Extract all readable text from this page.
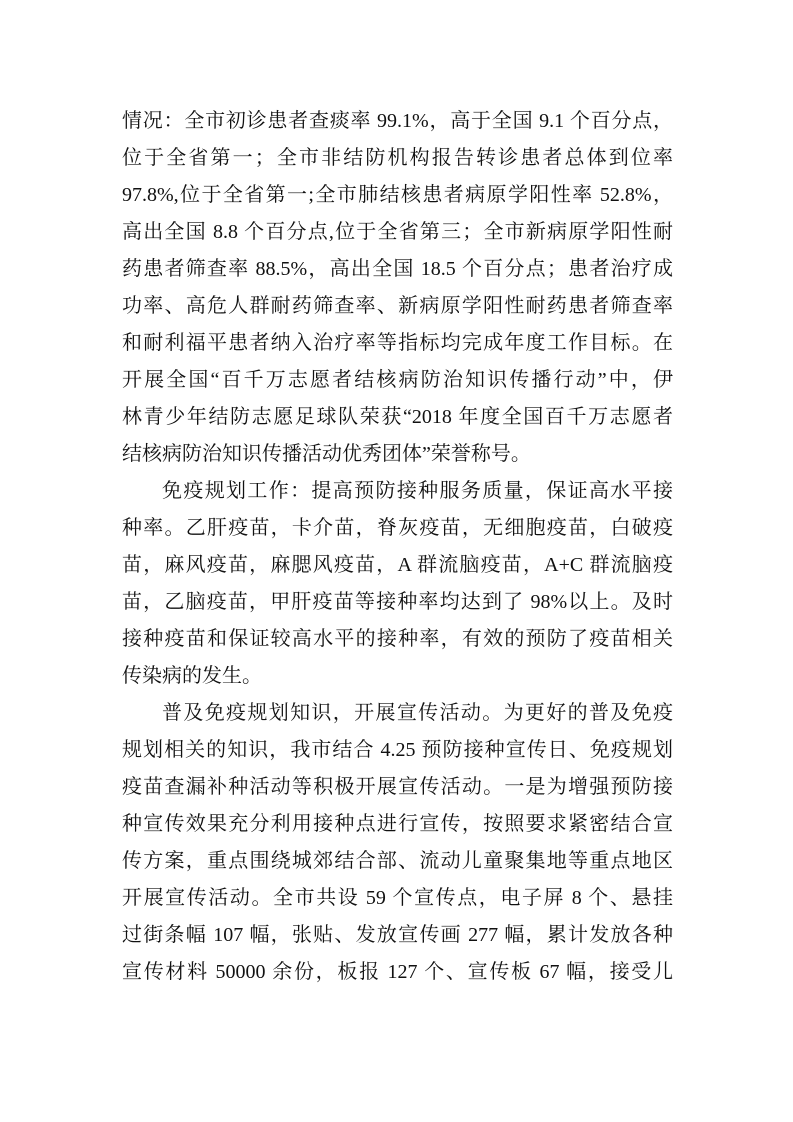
情况：全市初诊患者查痰率 99.1%，高于全国 9.1 个百分点，
位于全省第一；全市非结防机构报告转诊患者总体到位率
97.8%,位于全省第一;全市肺结核患者病原学阳性率 52.8%，
高出全国 8.8 个百分点,位于全省第三；全市新病原学阳性耐
药患者筛查率 88.5%，高出全国 18.5 个百分点；患者治疗成
功率、高危人群耐药筛查率、新病原学阳性耐药患者筛查率
和耐利福平患者纳入治疗率等指标均完成年度工作目标。在
开展全国“百千万志愿者结核病防治知识传播行动”中，伊
林青少年结防志愿足球队荣获“2018 年度全国百千万志愿者
结核病防治知识传播活动优秀团体”荣誉称号。
免疫规划工作：提高预防接种服务质量，保证高水平接
种率。乙肝疫苗，卡介苗，脊灰疫苗，无细胞疫苗，白破疫
苗，麻风疫苗，麻腮风疫苗，A 群流脑疫苗，A+C 群流脑疫
苗，乙脑疫苗，甲肝疫苗等接种率均达到了 98%以上。及时
接种疫苗和保证较高水平的接种率，有效的预防了疫苗相关
传染病的发生。
普及免疫规划知识，开展宣传活动。为更好的普及免疫
规划相关的知识，我市结合 4.25 预防接种宣传日、免疫规划
疫苗查漏补种活动等积极开展宣传活动。一是为增强预防接
种宣传效果充分利用接种点进行宣传，按照要求紧密结合宣
传方案，重点围绕城郊结合部、流动儿童聚集地等重点地区
开展宣传活动。全市共设 59 个宣传点，电子屏 8 个、悬挂
过街条幅 107 幅，张贴、发放宣传画 277 幅，累计发放各种
宣传材料 50000 余份，板报 127 个、宣传板 67 幅，接受儿
